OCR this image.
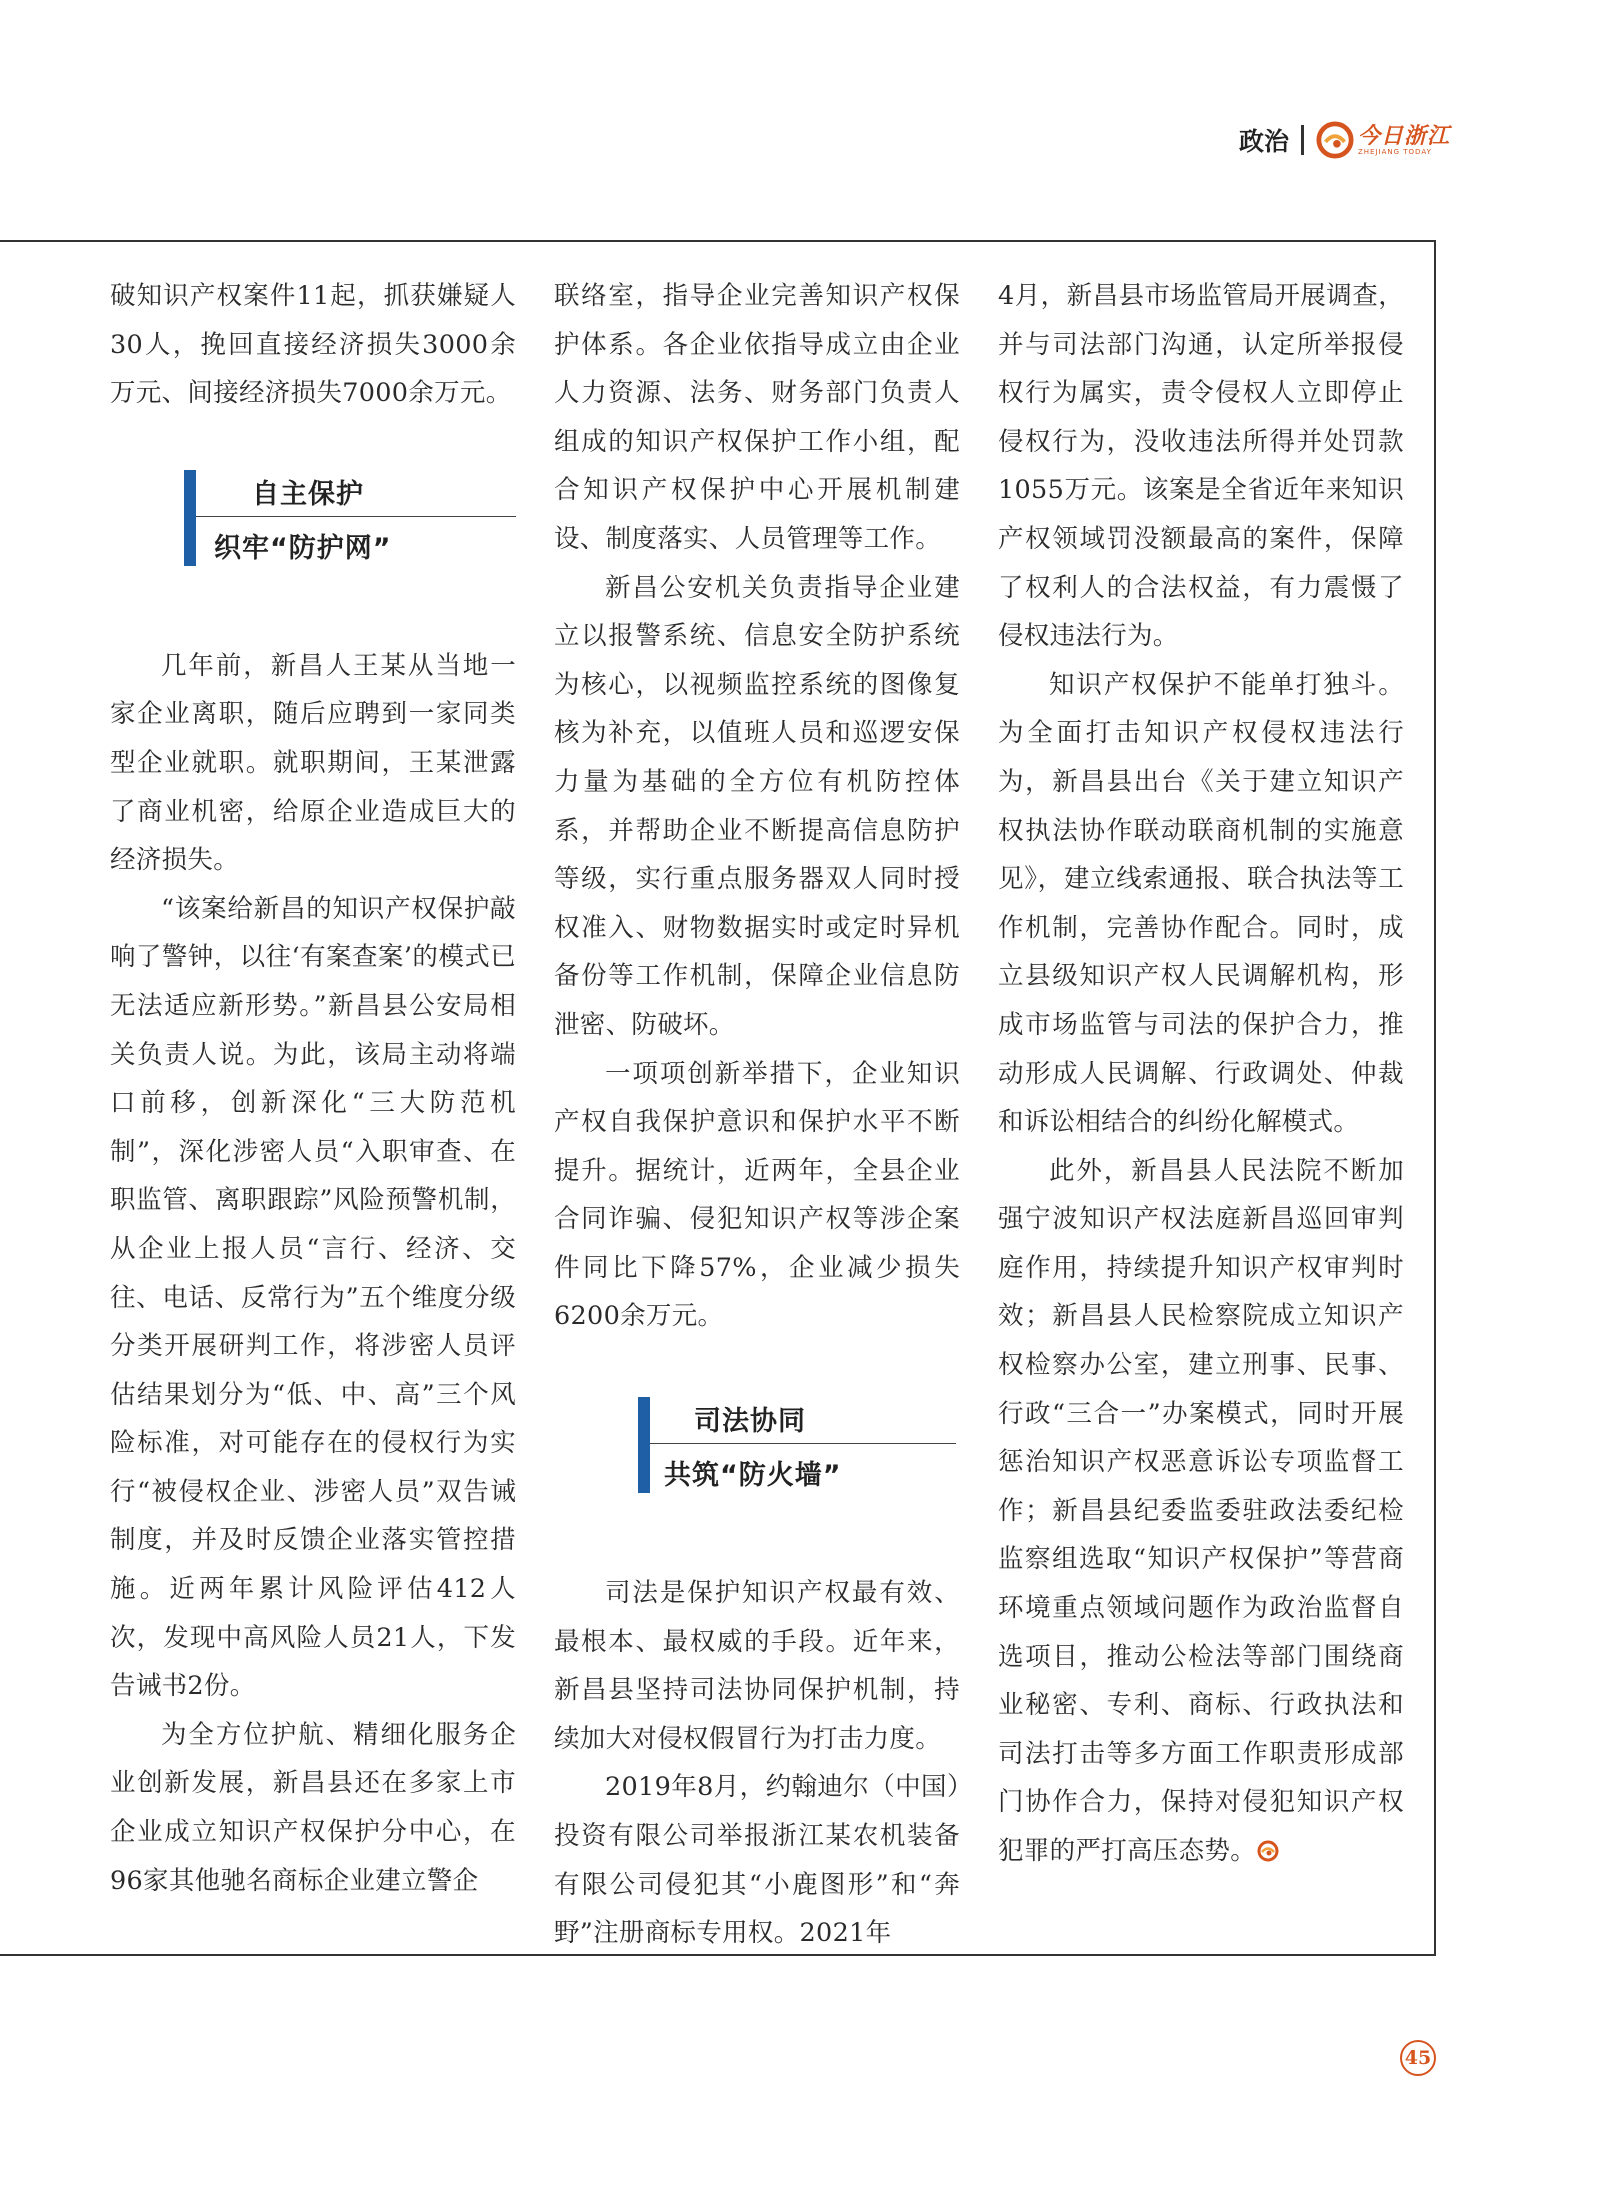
政治	今日浙江
ZHEJIANG TODAY

破知识产权案件11起，抓获嫌疑人30人，挽回直接经济损失3000余万元、间接经济损失7000余万元。

自主保护
织牢“防护网”

几年前，新昌人王某从当地一家企业离职，随后应聘到一家同类型企业就职。就职期间，王某泄露了商业机密，给原企业造成巨大的经济损失。

“该案给新昌的知识产权保护敲响了警钟，以往‘有案查案’的模式已无法适应新形势。”新昌县公安局相关负责人说。为此，该局主动将端口前移，创新深化“三大防范机制”，深化涉密人员“入职审查、在职监管、离职跟踪”风险预警机制，从企业上报人员“言行、经济、交往、电话、反常行为”五个维度分级分类开展研判工作，将涉密人员评估结果划分为“低、中、高”三个风险标准，对可能存在的侵权行为实行“被侵权企业、涉密人员”双告诫制度，并及时反馈企业落实管控措施。近两年累计风险评估412人次，发现中高风险人员21人，下发告诫书2份。

为全方位护航、精细化服务企业创新发展，新昌县还在多家上市企业成立知识产权保护分中心，在96家其他驰名商标企业建立警企

联络室，指导企业完善知识产权保护体系。各企业依指导成立由企业人力资源、法务、财务部门负责人组成的知识产权保护工作小组，配合知识产权保护中心开展机制建设、制度落实、人员管理等工作。

新昌公安机关负责指导企业建立以报警系统、信息安全防护系统为核心，以视频监控系统的图像复核为补充，以值班人员和巡逻安保力量为基础的全方位有机防控体系，并帮助企业不断提高信息防护等级，实行重点服务器双人同时授权准入、财物数据实时或定时异机备份等工作机制，保障企业信息防泄密、防破坏。

一项项创新举措下，企业知识产权自我保护意识和保护水平不断提升。据统计，近两年，全县企业合同诈骗、侵犯知识产权等涉企案件同比下降57%，企业减少损失6200余万元。

司法协同
共筑“防火墙”

司法是保护知识产权最有效、最根本、最权威的手段。近年来，新昌县坚持司法协同保护机制，持续加大对侵权假冒行为打击力度。

2019年8月，约翰迪尔（中国）投资有限公司举报浙江某农机装备有限公司侵犯其“小鹿图形”和“奔野”注册商标专用权。2021年

4月，新昌县市场监管局开展调查，并与司法部门沟通，认定所举报侵权行为属实，责令侵权人立即停止侵权行为，没收违法所得并处罚款1055万元。该案是全省近年来知识产权领域罚没额最高的案件，保障了权利人的合法权益，有力震慑了侵权违法行为。

知识产权保护不能单打独斗。为全面打击知识产权侵权违法行为，新昌县出台《关于建立知识产权执法协作联动联商机制的实施意见》，建立线索通报、联合执法等工作机制，完善协作配合。同时，成立县级知识产权人民调解机构，形成市场监管与司法的保护合力，推动形成人民调解、行政调处、仲裁和诉讼相结合的纠纷化解模式。

此外，新昌县人民法院不断加强宁波知识产权法庭新昌巡回审判庭作用，持续提升知识产权审判时效；新昌县人民检察院成立知识产权检察办公室，建立刑事、民事、行政“三合一”办案模式，同时开展惩治知识产权恶意诉讼专项监督工作；新昌县纪委监委驻政法委纪检监察组选取“知识产权保护”等营商环境重点领域问题作为政治监督自选项目，推动公检法等部门围绕商业秘密、专利、商标、行政执法和司法打击等多方面工作职责形成部门协作合力，保持对侵犯知识产权犯罪的严打高压态势。

45
